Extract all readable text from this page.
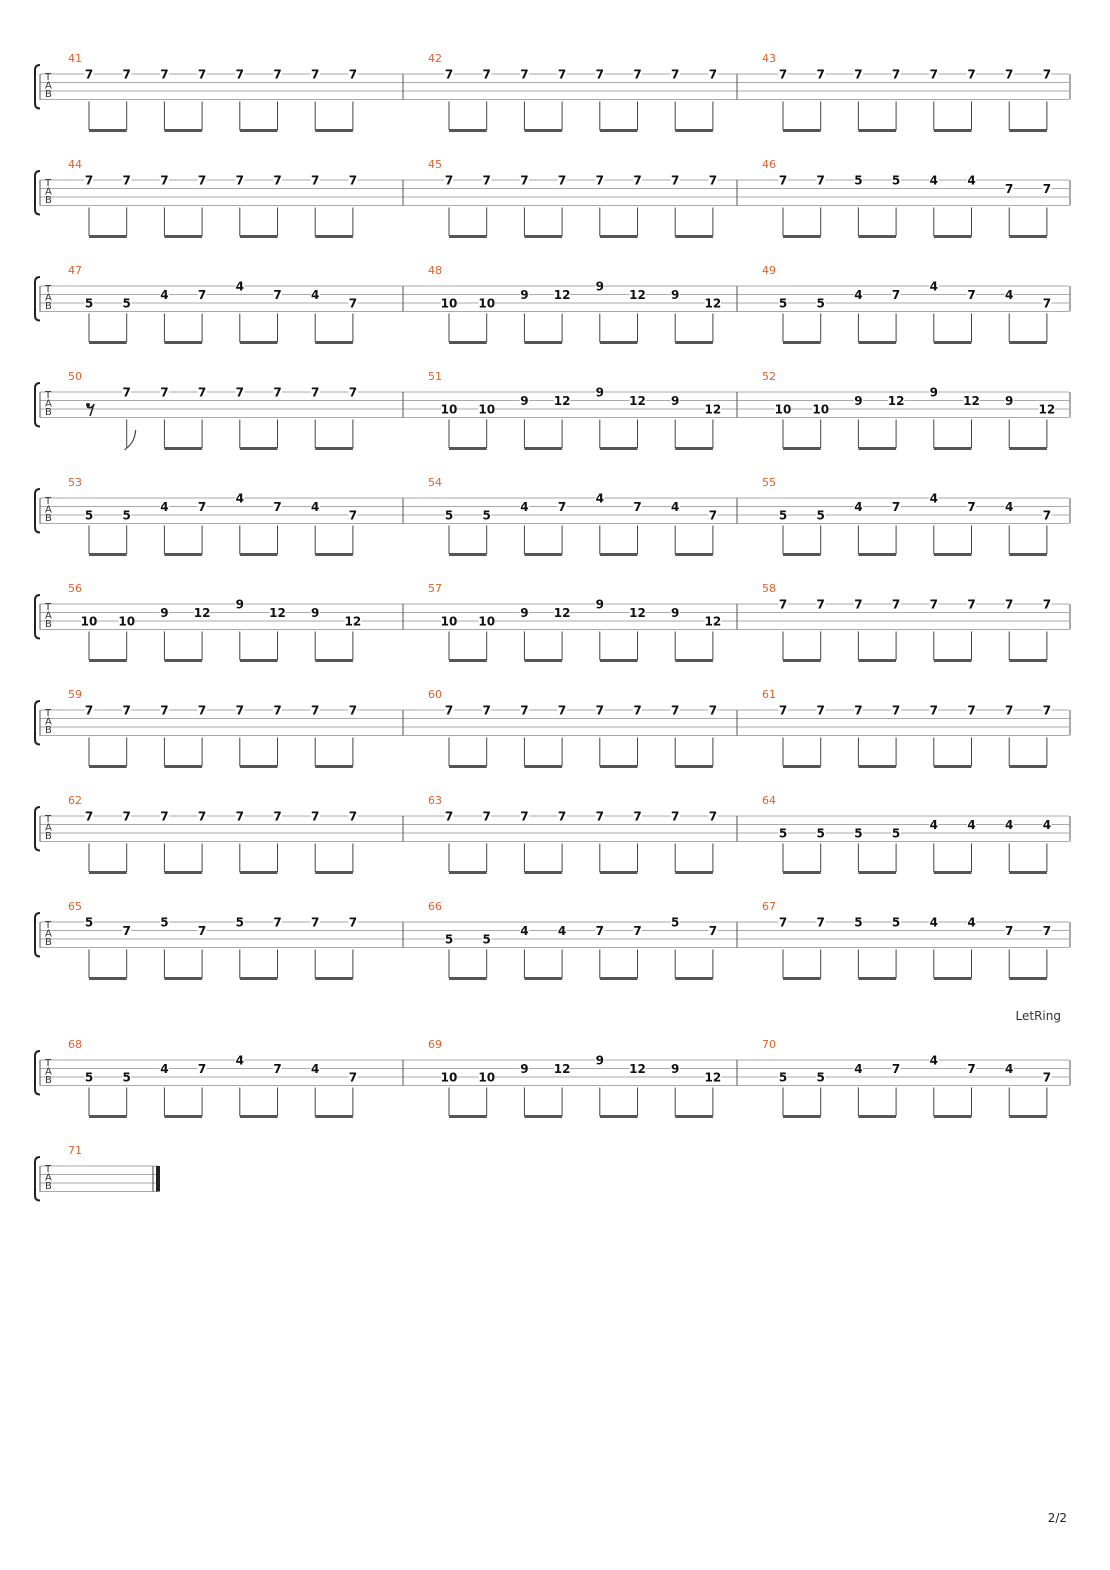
T
A
B
41
7 7 7 7 7 7 7 7
42
7 7 7 7 7 7 7 7
43
7 7 7 7 7 7 7 7
T
A
B
44
7 7 7 7 7 7 7 7
45
7 7 7 7 7 7 7 7
46
7 7 5 5 4 4
7 7
T
A
B
47
5 5
4 7
4
7 4
7
48
10 10
9 12
9
12 9
12
49
5 5
4 7
4
7 4
7
T
A
B
50
7 7 7 7 7 7 7
51
10 10
9 12
9
12 9
12
52
10 10
9 12
9
12 9
12
T
A
B
53
5 5
4 7
4
7 4
7
54
5 5
4 7
4
7 4
7
55
5 5
4 7
4
7 4
7
T
A
B
56
10 10
9 12
9
12 9
12
57
10 10
9 12
9
12 9
12
58
7 7 7 7 7 7 7 7
T
A
B
59
7 7 7 7 7 7 7 7
60
7 7 7 7 7 7 7 7
61
7 7 7 7 7 7 7 7
T
A
B
62
7 7 7 7 7 7 7 7
63
7 7 7 7 7 7 7 7
64
5 5 5 5
4 4 4 4
T
A
B
65
5
7
5
7
5 7 7 7
66
5 5
4 4 7 7
5
7
67
7 7 5 5 4 4
7 7
T
A
B
LetRing
68
5 5
4 7
4
7 4
7
69
10 10
9 12
9
12 9
12
70
5 5
4 7
4
7 4
7
T
A
B
71
2/2
